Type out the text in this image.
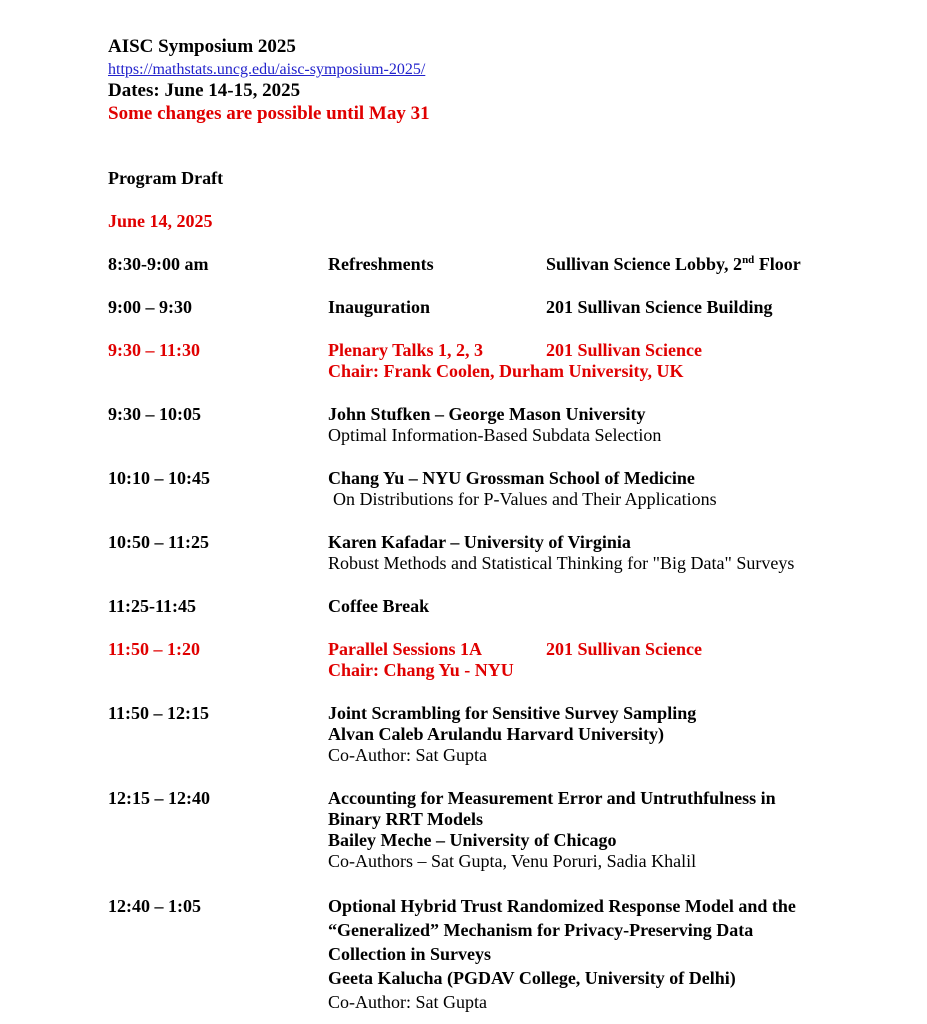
AISC Symposium 2025
https://mathstats.uncg.edu/aisc-symposium-2025/
Dates: June 14-15, 2025
Some changes are possible until May 31
Program Draft
June 14, 2025
8:30-9:00 am	Refreshments	Sullivan Science Lobby, 2nd Floor
9:00 – 9:30	Inauguration	201 Sullivan Science Building
9:30 – 11:30	Plenary Talks 1, 2, 3	201 Sullivan Science
Chair: Frank Coolen, Durham University, UK
9:30 – 10:05	John Stufken – George Mason University
Optimal Information-Based Subdata Selection
10:10 – 10:45	Chang Yu – NYU Grossman School of Medicine
On Distributions for P-Values and Their Applications
10:50 – 11:25	Karen Kafadar – University of Virginia
Robust Methods and Statistical Thinking for "Big Data" Surveys
11:25-11:45	Coffee Break
11:50 – 1:20	Parallel Sessions 1A	201 Sullivan Science
Chair: Chang Yu - NYU
11:50 – 12:15	Joint Scrambling for Sensitive Survey Sampling
Alvan Caleb Arulandu Harvard University)
Co-Author: Sat Gupta
12:15 – 12:40	Accounting for Measurement Error and Untruthfulness in
Binary RRT Models
Bailey Meche – University of Chicago
Co-Authors – Sat Gupta, Venu Poruri, Sadia Khalil
12:40 – 1:05	Optional Hybrid Trust Randomized Response Model and the
“Generalized” Mechanism for Privacy-Preserving Data
Collection in Surveys
Geeta Kalucha (PGDAV College, University of Delhi)
Co-Author: Sat Gupta
